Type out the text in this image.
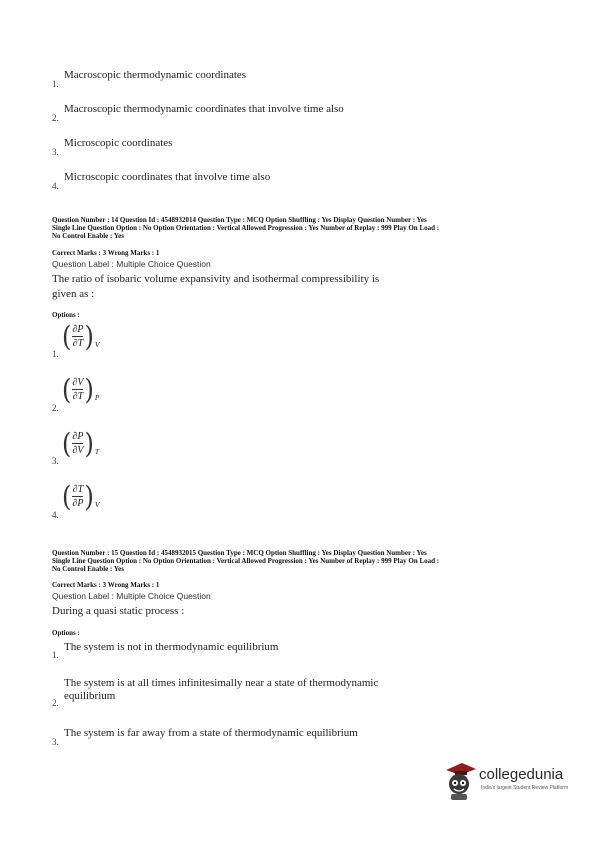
1.
Macroscopic thermodynamic coordinates
2.
Macroscopic thermodynamic coordinates that involve time also
3.
Microscopic coordinates
4.
Microscopic coordinates that involve time also
Question Number : 14 Question Id : 4548932014 Question Type : MCQ Option Shuffling : Yes Display Question Number : Yes
Single Line Question Option : No Option Orientation : Vertical Allowed Progression : Yes Number of Replay : 999 Play On Load :
No Control Enable : Yes
Correct Marks : 3 Wrong Marks : 1
Question Label : Multiple Choice Question
The ratio of isobaric volume expansivity and isothermal compressibility is
given as :
Options :
1.
( $\frac{\partial P}{\partial T}$ ) V
2.
( $\frac{\partial V}{\partial T}$ ) P
3.
( $\frac{\partial P}{\partial V}$ ) T
4.
( $\frac{\partial T}{\partial P}$ ) V
Question Number : 15 Question Id : 4548932015 Question Type : MCQ Option Shuffling : Yes Display Question Number : Yes
Single Line Question Option : No Option Orientation : Vertical Allowed Progression : Yes Number of Replay : 999 Play On Load :
No Control Enable : Yes
Correct Marks : 3 Wrong Marks : 1
Question Label : Multiple Choice Question
During a quasi static process :
Options :
1.
The system is not in thermodynamic equilibrium
The system is at all times infinitesimally near a state of thermodynamic
2.
equilibrium
3.
The system is far away from a state of thermodynamic equilibrium
collegedunia
India's largest Student Review Platform
